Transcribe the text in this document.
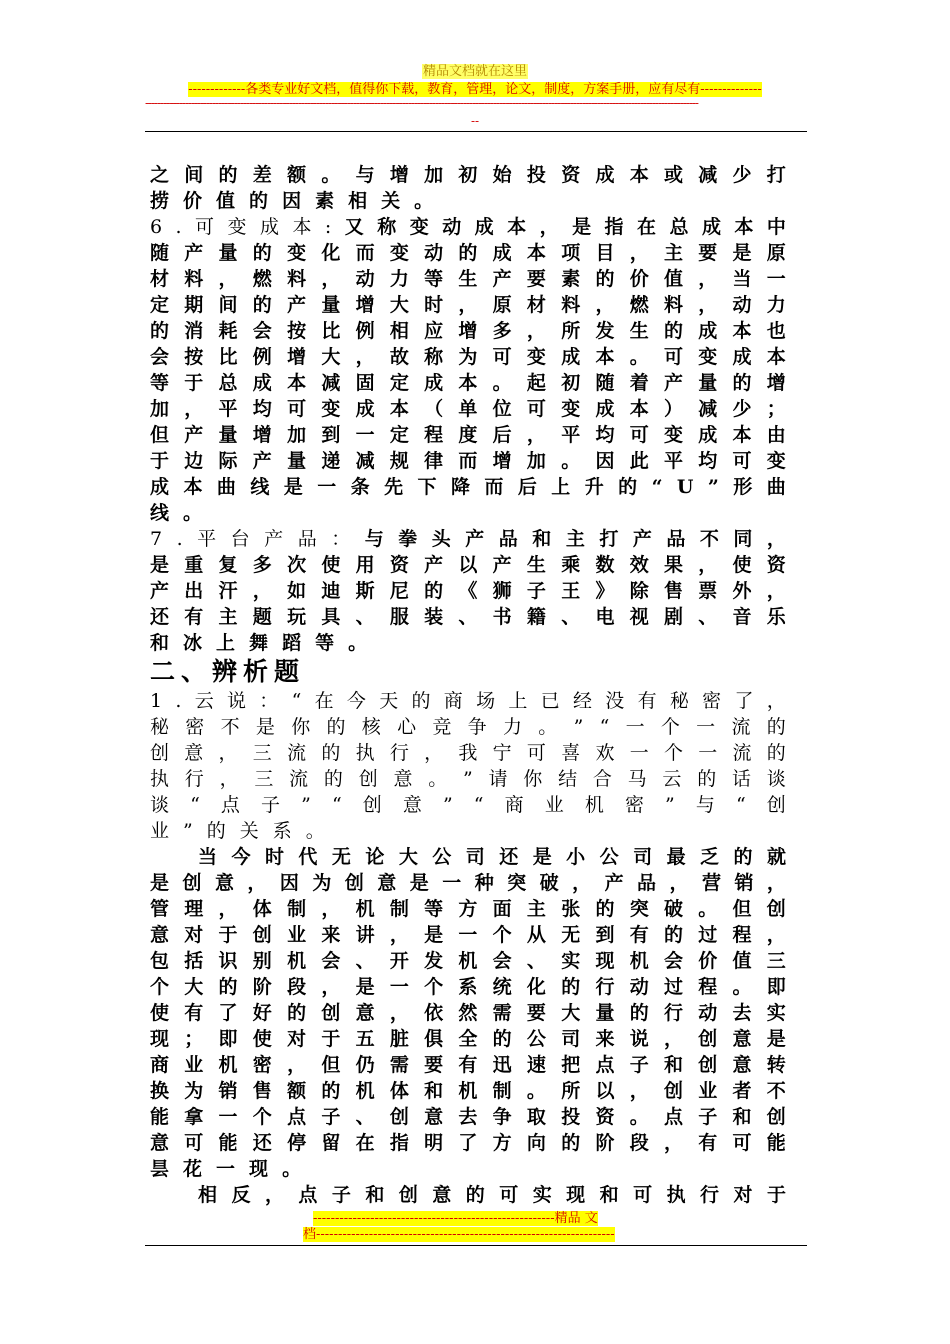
精品文档就在这里
-------------各类专业好文档，值得你下载，教育，管理，论文，制度，方案手册，应有尽有--------------
-------------------------------------------------------------------------------------------------------------------------------------------------------------------------------------
--
之 间 的 差 额 。 与 增 加 初 始 投 资 成 本 或 减 少 打
捞 价 值 的 因 素 相 关 。
6 . 可 变 成 本 : 又 称 变 动 成 本 ， 是 指 在 总 成 本 中
随 产 量 的 变 化 而 变 动 的 成 本 项 目 ， 主 要 是 原
材 料 ， 燃 料 ， 动 力 等 生 产 要 素 的 价 值 ， 当 一
定 期 间 的 产 量 增 大 时 ， 原 材 料 ， 燃 料 ， 动 力
的 消 耗 会 按 比 例 相 应 增 多 ， 所 发 生 的 成 本 也
会 按 比 例 增 大 ， 故 称 为 可 变 成 本 。 可 变 成 本
等 于 总 成 本 减 固 定 成 本 。 起 初 随 着 产 量 的 增
加 ， 平 均 可 变 成 本 （ 单 位 可 变 成 本 ） 减 少 ；
但 产 量 增 加 到 一 定 程 度 后 ， 平 均 可 变 成 本 由
于 边 际 产 量 递 减 规 律 而 增 加 。 因 此 平 均 可 变
成 本 曲 线 是 一 条 先 下 降 而 后 上 升 的 “ U ” 形 曲
线 。
7 . 平 台 产 品 ： 与 拳 头 产 品 和 主 打 产 品 不 同 ，
是 重 复 多 次 使 用 资 产 以 产 生 乘 数 效 果 ， 使 资
产 出 汗 ， 如 迪 斯 尼 的 《 狮 子 王 》 除 售 票 外 ，
还 有 主 题 玩 具 、 服 装 、 书 籍 、 电 视 剧 、 音 乐
和 冰 上 舞 蹈 等 。
二、辨析题
1 . 云 说 ： “ 在 今 天 的 商 场 上 已 经 没 有 秘 密 了 ，
秘 密 不 是 你 的 核 心 竞 争 力 。 ” “ 一 个 一 流 的
创 意 ， 三 流 的 执 行 ， 我 宁 可 喜 欢 一 个 一 流 的
执 行 ， 三 流 的 创 意 。 ” 请 你 结 合 马 云 的 话 谈
谈 “ 点 子 ” “ 创 意 ” “ 商 业 机 密 ” 与 “ 创
业 ” 的 关 系 。
当 今 时 代 无 论 大 公 司 还 是 小 公 司 最 乏 的 就
是 创 意 ， 因 为 创 意 是 一 种 突 破 ， 产 品 ， 营 销 ，
管 理 ， 体 制 ， 机 制 等 方 面 主 张 的 突 破 。 但 创
意 对 于 创 业 来 讲 ， 是 一 个 从 无 到 有 的 过 程 ，
包 括 识 别 机 会 、 开 发 机 会 、 实 现 机 会 价 值 三
个 大 的 阶 段 ， 是 一 个 系 统 化 的 行 动 过 程 。 即
使 有 了 好 的 创 意 ， 依 然 需 要 大 量 的 行 动 去 实
现 ； 即 使 对 于 五 脏 俱 全 的 公 司 来 说 ， 创 意 是
商 业 机 密 ， 但 仍 需 要 有 迅 速 把 点 子 和 创 意 转
换 为 销 售 额 的 机 体 和 机 制 。 所 以 ， 创 业 者 不
能 拿 一 个 点 子 、 创 意 去 争 取 投 资 。 点 子 和 创
意 可 能 还 停 留 在 指 明 了 方 向 的 阶 段 ， 有 可 能
昙 花 一 现 。
相 反 ， 点 子 和 创 意 的 可 实 现 和 可 执 行 对 于
-------------------------------------------------------精品 文
档--------------------------------------------------------------------
